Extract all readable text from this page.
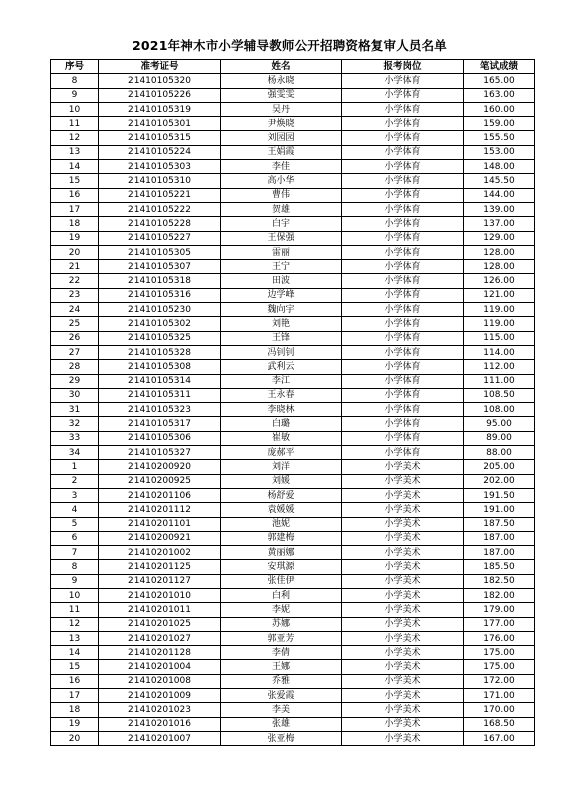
2021年神木市小学辅导教师公开招聘资格复审人员名单
序号	准考证号	姓名	报考岗位	笔试成绩
8	21410105320	杨永晓	小学体育	165.00
9	21410105226	强雯雯	小学体育	163.00
10	21410105319	吴丹	小学体育	160.00
11	21410105301	尹焕晓	小学体育	159.00
12	21410105315	刘园园	小学体育	155.50
13	21410105224	王娟霞	小学体育	153.00
14	21410105303	李佳	小学体育	148.00
15	21410105310	高小华	小学体育	145.50
16	21410105221	曹伟	小学体育	144.00
17	21410105222	贺雄	小学体育	139.00
18	21410105228	白宇	小学体育	137.00
19	21410105227	王保强	小学体育	129.00
20	21410105305	雷丽	小学体育	128.00
21	21410105307	王宁	小学体育	128.00
22	21410105318	田波	小学体育	126.00
23	21410105316	边学峰	小学体育	121.00
24	21410105230	魏向宇	小学体育	119.00
25	21410105302	刘艳	小学体育	119.00
26	21410105325	王锋	小学体育	115.00
27	21410105328	冯钊钊	小学体育	114.00
28	21410105308	武利云	小学体育	112.00
29	21410105314	李江	小学体育	111.00
30	21410105311	王永春	小学体育	108.50
31	21410105323	李晓林	小学体育	108.00
32	21410105317	白璐	小学体育	95.00
33	21410105306	崔敏	小学体育	89.00
34	21410105327	庞郝平	小学体育	88.00
1	21410200920	刘洋	小学美术	205.00
2	21410200925	刘媛	小学美术	202.00
3	21410201106	杨舒爱	小学美术	191.50
4	21410201112	袁媛媛	小学美术	191.00
5	21410201101	池妮	小学美术	187.50
6	21410200921	郭建梅	小学美术	187.00
7	21410201002	黄丽娜	小学美术	187.00
8	21410201125	安琪源	小学美术	185.50
9	21410201127	张佳伊	小学美术	182.50
10	21410201010	白利	小学美术	182.00
11	21410201011	李妮	小学美术	179.00
12	21410201025	苏娜	小学美术	177.00
13	21410201027	郭亚芳	小学美术	176.00
14	21410201128	李倩	小学美术	175.00
15	21410201004	王娜	小学美术	175.00
16	21410201008	乔雅	小学美术	172.00
17	21410201009	张爱霞	小学美术	171.00
18	21410201023	李美	小学美术	170.00
19	21410201016	张雄	小学美术	168.50
20	21410201007	张亚梅	小学美术	167.00
